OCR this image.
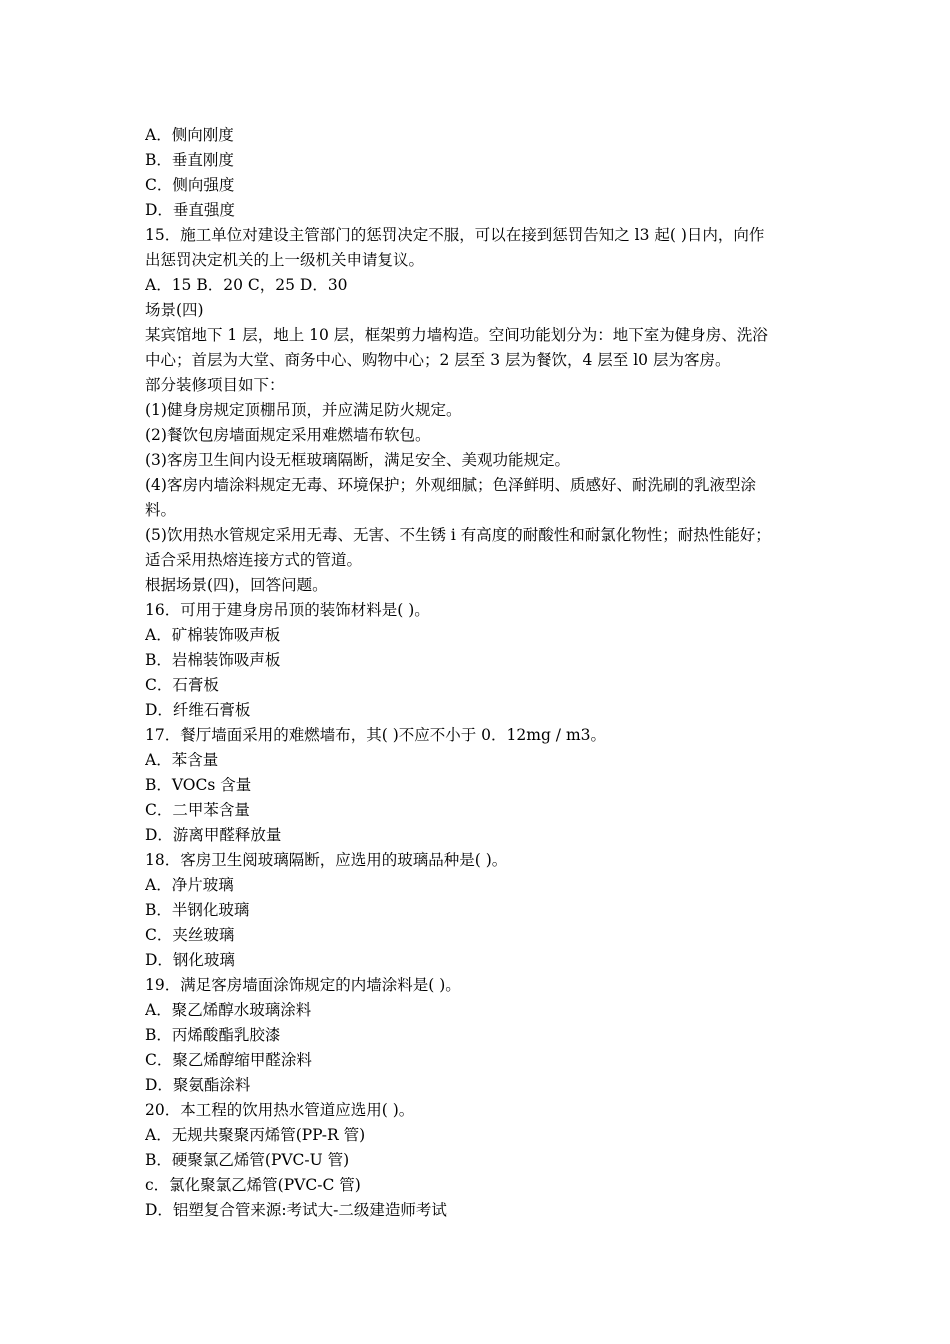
A．侧向刚度
B．垂直刚度
C．侧向强度
D．垂直强度
15．施工单位对建设主管部门的惩罚决定不服，可以在接到惩罚告知之 l3 起( )日内，向作
出惩罚决定机关的上一级机关申请复议。
A．15 B．20 C，25 D．30
场景(四)
某宾馆地下 1 层，地上 10 层，框架剪力墙构造。空间功能划分为：地下室为健身房、洗浴
中心；首层为大堂、商务中心、购物中心；2 层至 3 层为餐饮，4 层至 l0 层为客房。
部分装修项目如下：
(1)健身房规定顶棚吊顶，并应满足防火规定。
(2)餐饮包房墙面规定采用难燃墙布软包。
(3)客房卫生间内设无框玻璃隔断，满足安全、美观功能规定。
(4)客房内墙涂料规定无毒、环境保护；外观细腻；色泽鲜明、质感好、耐洗刷的乳液型涂
料。
(5)饮用热水管规定采用无毒、无害、不生锈 i 有高度的耐酸性和耐氯化物性；耐热性能好；
适合采用热熔连接方式的管道。
根据场景(四)，回答问题。
16．可用于建身房吊顶的装饰材料是( )。
A．矿棉装饰吸声板
B．岩棉装饰吸声板
C．石膏板
D．纤维石膏板
17．餐厅墙面采用的难燃墙布，其( )不应不小于 0．12mg / m3。
A．苯含量
B．VOCs 含量
C．二甲苯含量
D．游离甲醛释放量
18．客房卫生阅玻璃隔断，应选用的玻璃品种是( )。
A．净片玻璃
B．半钢化玻璃
C．夹丝玻璃
D．钢化玻璃
19．满足客房墙面涂饰规定的内墙涂料是( )。
A．聚乙烯醇水玻璃涂料
B．丙烯酸酯乳胶漆
C．聚乙烯醇缩甲醛涂料
D．聚氨酯涂料
20．本工程的饮用热水管道应选用( )。
A．无规共聚聚丙烯管(PP-R 管)
B．硬聚氯乙烯管(PVC-U 管)
c．氯化聚氯乙烯管(PVC-C 管)
D．铝塑复合管来源:考试大-二级建造师考试
